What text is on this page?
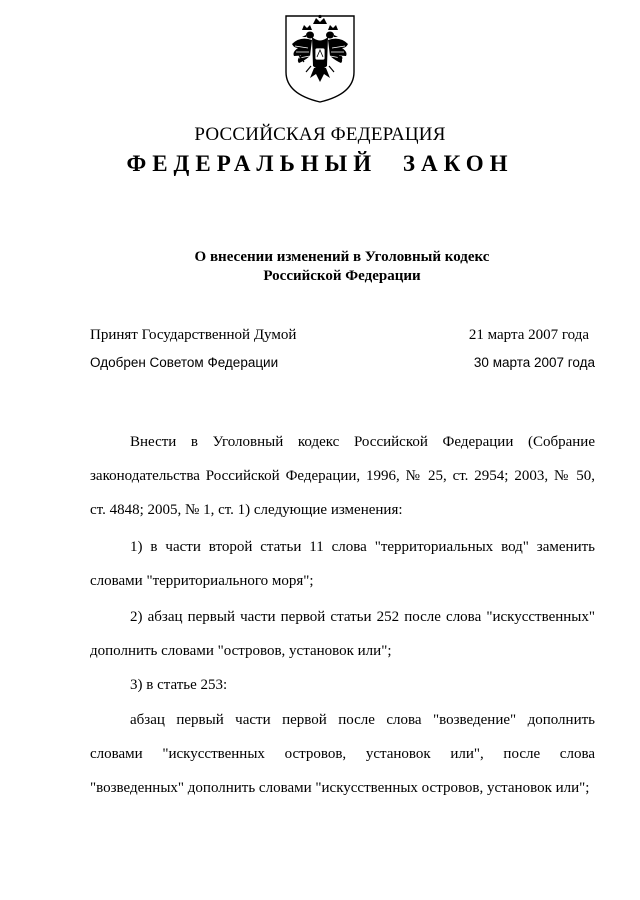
РОССИЙСКАЯ ФЕДЕРАЦИЯ
ФЕДЕРАЛЬНЫЙ ЗАКОН
О внесении изменений в Уголовный кодекс
Российской Федерации
Принят Государственной Думой	21 марта 2007 года
Одобрен Советом Федерации	30 марта 2007 года
Внести в Уголовный кодекс Российской Федерации (Собрание
законодательства Российской Федерации, 1996, № 25, ст. 2954; 2003, № 50,
ст. 4848; 2005, № 1, ст. 1) следующие изменения:
1) в части второй статьи 11 слова "территориальных вод" заменить
словами "территориального моря";
2) абзац первый части первой статьи 252 после слова "искусственных"
дополнить словами "островов, установок или";
3) в статье 253:
абзац первый части первой после слова "возведение" дополнить
словами "искусственных островов, установок или", после слова
"возведенных" дополнить словами "искусственных островов, установок или";
